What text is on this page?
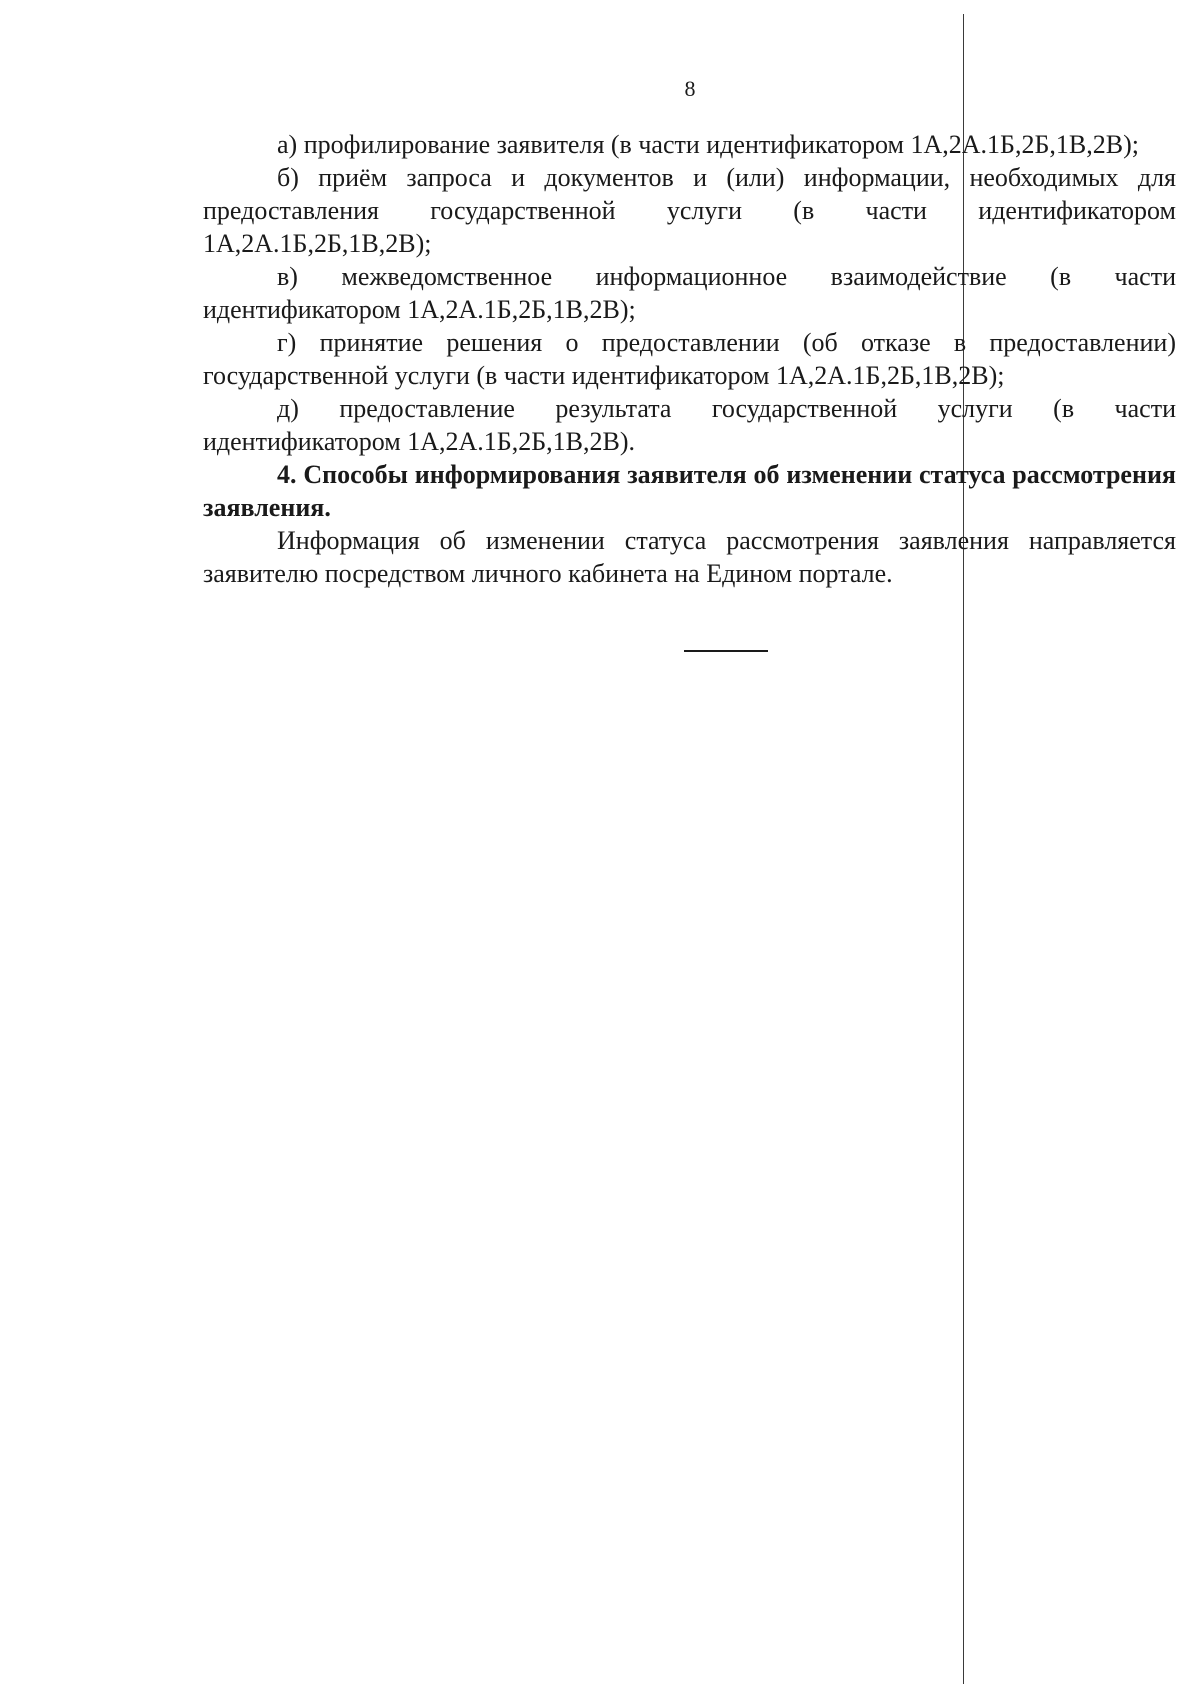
8

а) профилирование заявителя (в части идентификатором 1А,2А.1Б,2Б,1В,2В);

б) приём запроса и документов и (или) информации, необходимых для предоставления государственной услуги (в части идентификатором 1А,2А.1Б,2Б,1В,2В);

в) межведомственное информационное взаимодействие (в части идентификатором 1А,2А.1Б,2Б,1В,2В);

г) принятие решения о предоставлении (об отказе в предоставлении) государственной услуги (в части идентификатором 1А,2А.1Б,2Б,1В,2В);

д) предоставление результата государственной услуги (в части идентификатором 1А,2А.1Б,2Б,1В,2В).

4. Способы информирования заявителя об изменении статуса рассмотрения заявления.

Информация об изменении статуса рассмотрения заявления направляется заявителю посредством личного кабинета на Едином портале.
